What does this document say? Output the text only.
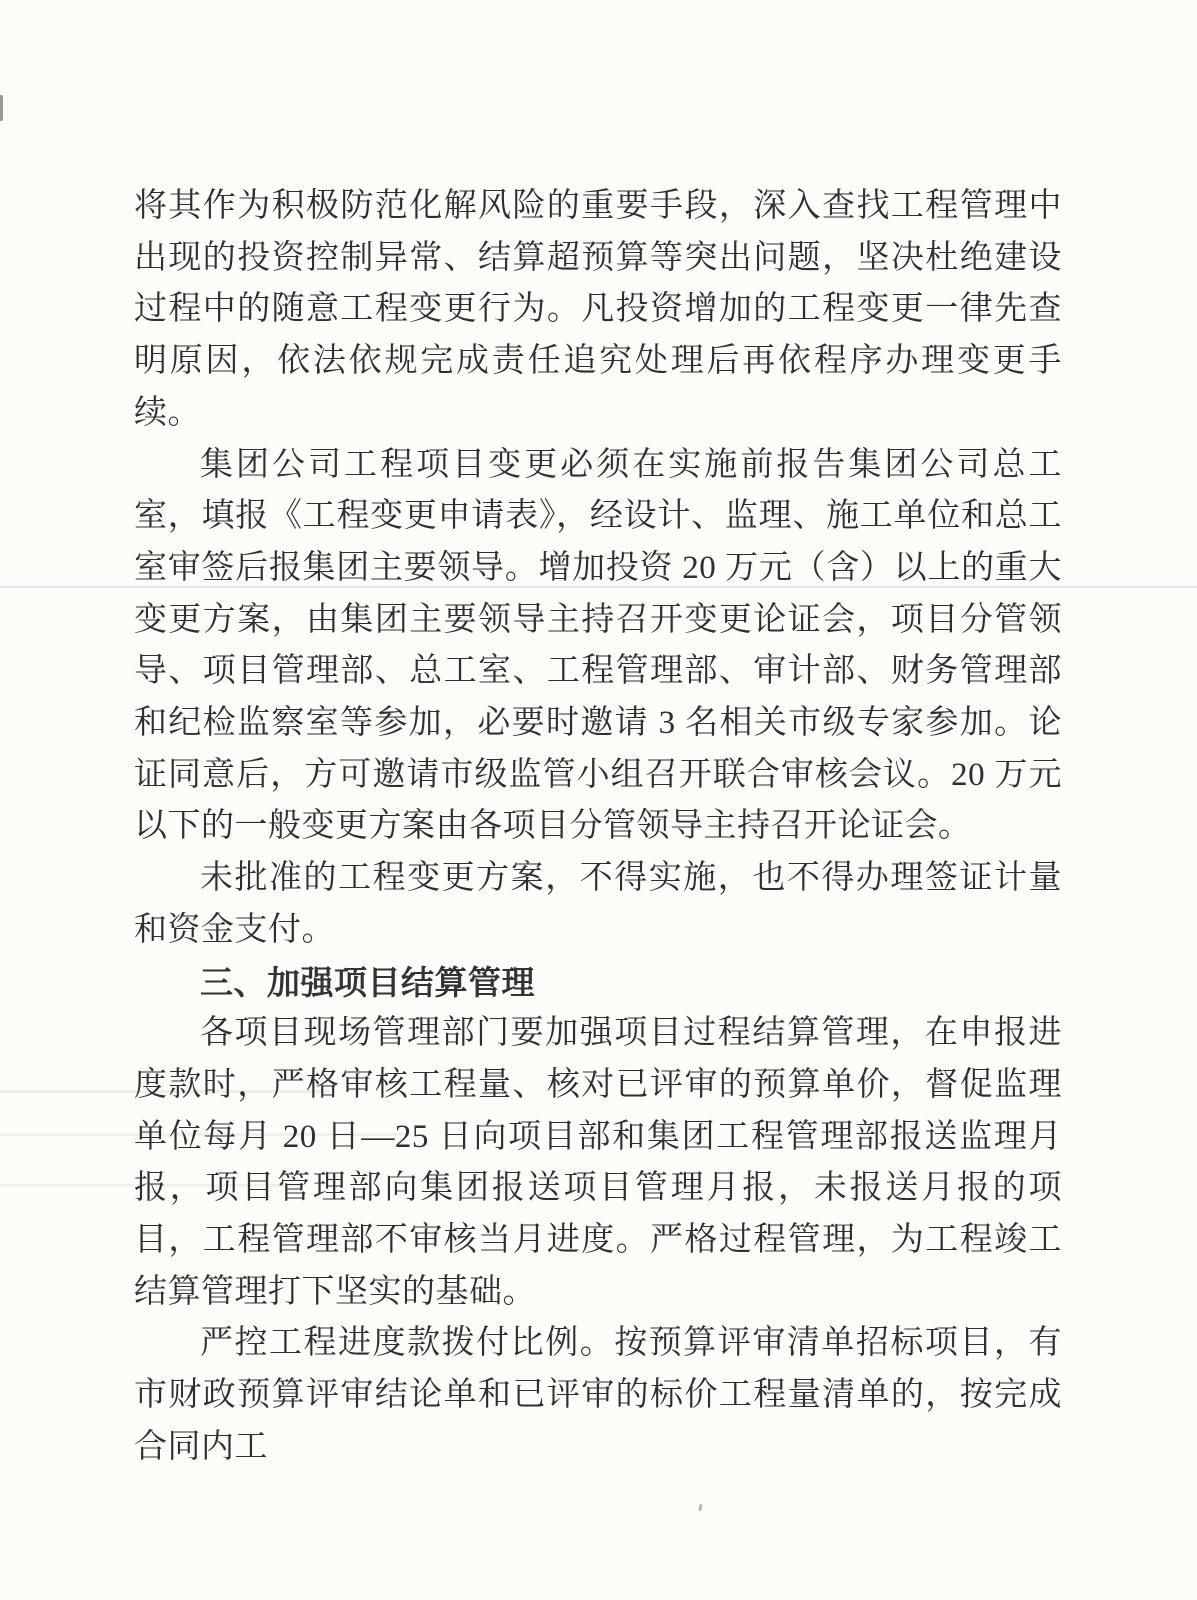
将其作为积极防范化解风险的重要手段，深入查找工程管理中出现的投资控制异常、结算超预算等突出问题，坚决杜绝建设过程中的随意工程变更行为。凡投资增加的工程变更一律先查明原因，依法依规完成责任追究处理后再依程序办理变更手续。

集团公司工程项目变更必须在实施前报告集团公司总工室，填报《工程变更申请表》，经设计、监理、施工单位和总工室审签后报集团主要领导。增加投资 20 万元（含）以上的重大变更方案，由集团主要领导主持召开变更论证会，项目分管领导、项目管理部、总工室、工程管理部、审计部、财务管理部和纪检监察室等参加，必要时邀请 3 名相关市级专家参加。论证同意后，方可邀请市级监管小组召开联合审核会议。20 万元以下的一般变更方案由各项目分管领导主持召开论证会。

未批准的工程变更方案，不得实施，也不得办理签证计量和资金支付。

三、加强项目结算管理

各项目现场管理部门要加强项目过程结算管理，在申报进度款时，严格审核工程量、核对已评审的预算单价，督促监理单位每月 20 日—25 日向项目部和集团工程管理部报送监理月报，项目管理部向集团报送项目管理月报，未报送月报的项目，工程管理部不审核当月进度。严格过程管理，为工程竣工结算管理打下坚实的基础。

严控工程进度款拨付比例。按预算评审清单招标项目，有市财政预算评审结论单和已评审的标价工程量清单的，按完成合同内工
